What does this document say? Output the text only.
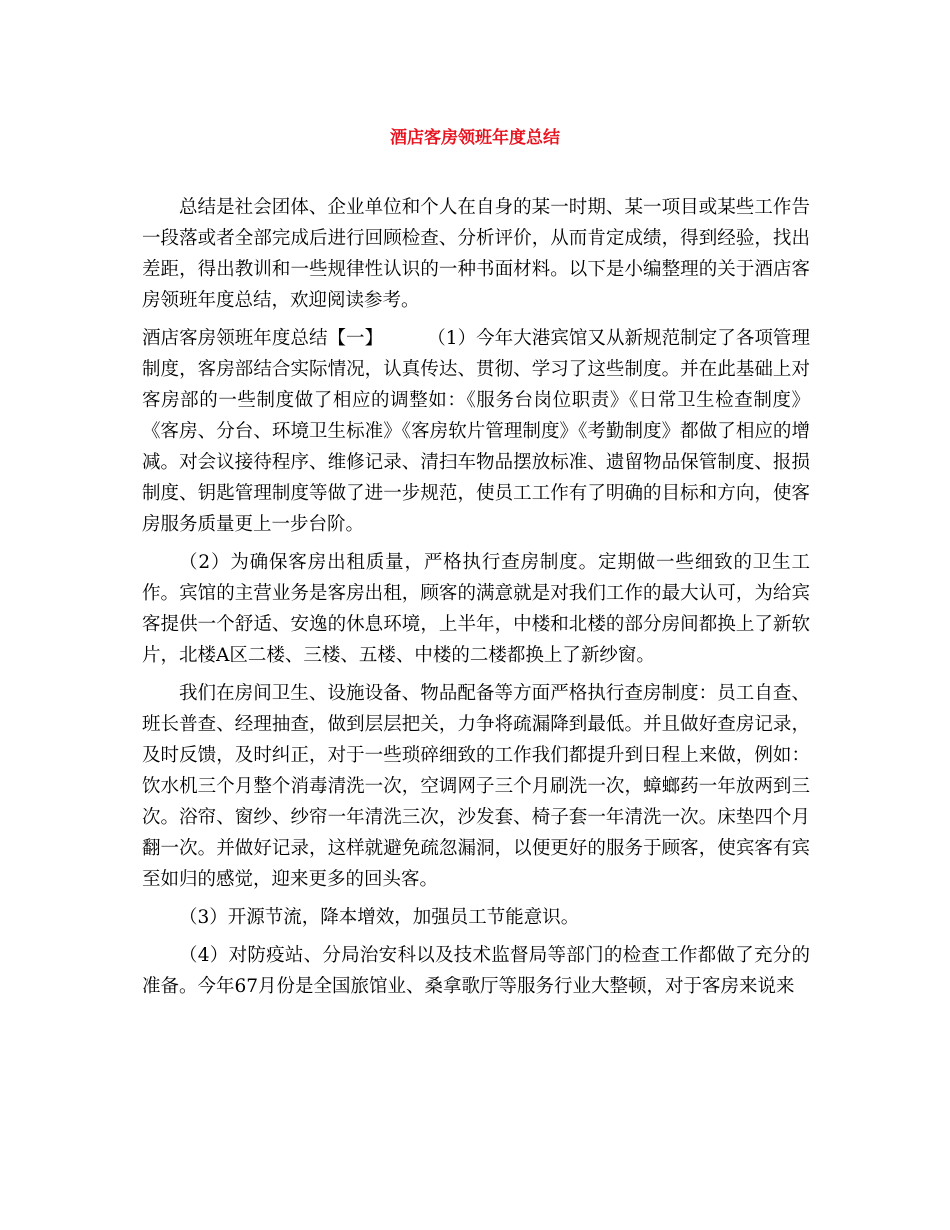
酒店客房领班年度总结

总结是社会团体、企业单位和个人在自身的某一时期、某一项目或某些工作告一段落或者全部完成后进行回顾检查、分析评价，从而肯定成绩，得到经验，找出差距，得出教训和一些规律性认识的一种书面材料。以下是小编整理的关于酒店客房领班年度总结，欢迎阅读参考。

酒店客房领班年度总结【一】 （1）今年大港宾馆又从新规范制定了各项管理制度，客房部结合实际情况，认真传达、贯彻、学习了这些制度。并在此基础上对客房部的一些制度做了相应的调整如：《服务台岗位职责》《日常卫生检查制度》《客房、分台、环境卫生标准》《客房软片管理制度》《考勤制度》都做了相应的增减。对会议接待程序、维修记录、清扫车物品摆放标准、遗留物品保管制度、报损制度、钥匙管理制度等做了进一步规范，使员工工作有了明确的目标和方向，使客房服务质量更上一步台阶。

（2）为确保客房出租质量，严格执行查房制度。定期做一些细致的卫生工作。宾馆的主营业务是客房出租，顾客的满意就是对我们工作的最大认可，为给宾客提供一个舒适、安逸的休息环境，上半年，中楼和北楼的部分房间都换上了新软片，北楼A区二楼、三楼、五楼、中楼的二楼都换上了新纱窗。

我们在房间卫生、设施设备、物品配备等方面严格执行查房制度：员工自查、班长普查、经理抽查，做到层层把关，力争将疏漏降到最低。并且做好查房记录，及时反馈，及时纠正，对于一些琐碎细致的工作我们都提升到日程上来做，例如：饮水机三个月整个消毒清洗一次，空调网子三个月刷洗一次，蟑螂药一年放两到三次。浴帘、窗纱、纱帘一年清洗三次，沙发套、椅子套一年清洗一次。床垫四个月翻一次。并做好记录，这样就避免疏忽漏洞，以便更好的服务于顾客，使宾客有宾至如归的感觉，迎来更多的回头客。

（3）开源节流，降本增效，加强员工节能意识。

（4）对防疫站、分局治安科以及技术监督局等部门的检查工作都做了充分的准备。今年67月份是全国旅馆业、桑拿歌厅等服务行业大整顿，对于客房来说来
